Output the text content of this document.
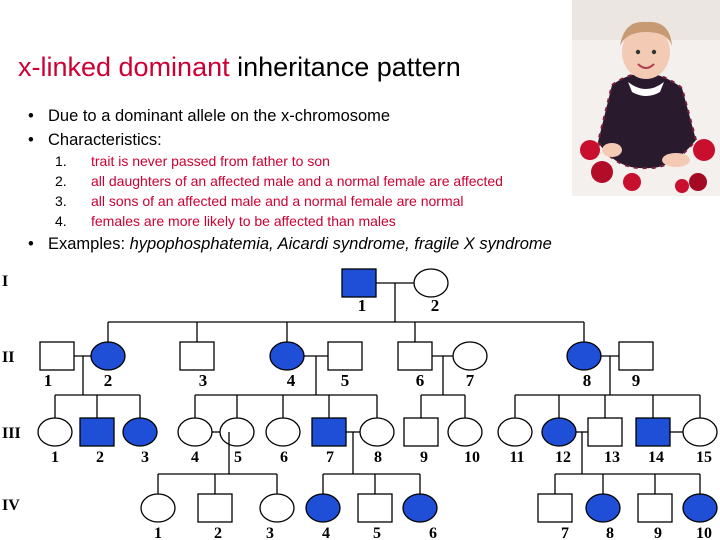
x-linked dominant inheritance pattern
• Due to a dominant allele on the x-chromosome
• Characteristics:
1. trait is never passed from father to son
2. all daughters of an affected male and a normal female are affected
3. all sons of an affected male and a normal female are normal
4. females are more likely to be affected than males
• Examples: hypophosphatemia, Aicardi syndrome, fragile X syndrome
I
II
III
IV
1	2
1	2	3	4	5	6 7	8 9
1 2 3	4 5 6 7	8 9 10 11 12 13 14 15
1	2	3	4	5	6	7 8	9 10
